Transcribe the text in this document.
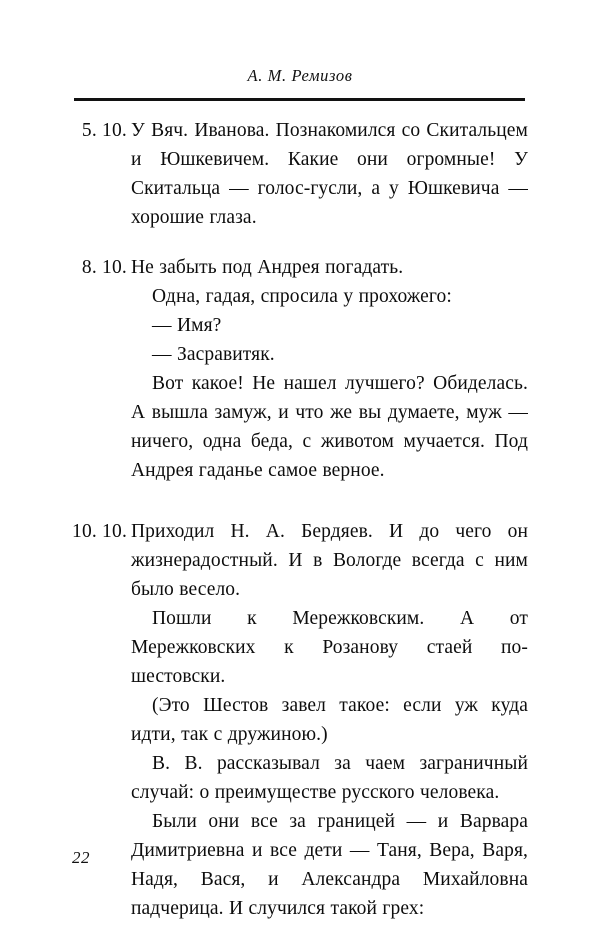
А. М. Ремизов
5. 10. У Вяч. Иванова. Познакомился со Скитальцем и Юшкевичем. Какие они огромные! У Скитальца — голос-гусли, а у Юшкевича — хорошие глаза.

8. 10. Не забыть под Андрея погадать.

Одна, гадая, спросила у прохожего:

— Имя?

— Засравитяк.

Вот какое! Не нашел лучшего? Обиделась. А вышла замуж, и что же вы думаете, муж — ничего, одна беда, с животом мучается. Под Андрея гаданье самое верное.

10. 10. Приходил Н. А. Бердяев. И до чего он жизнерадостный. И в Вологде всегда с ним было весело.

Пошли к Мережковским. А от Мережковских к Розанову стаей по-шестовски.

(Это Шестов завел такое: если уж куда идти, так с дружиною.)

В. В. рассказывал за чаем заграничный случай: о преимуществе русского человека.

Были они все за границей — и Варвара Димитриевна и все дети — Таня, Вера, Варя, Надя, Вася, и Александра Михайловна падчерица. И случился такой грех:

22
